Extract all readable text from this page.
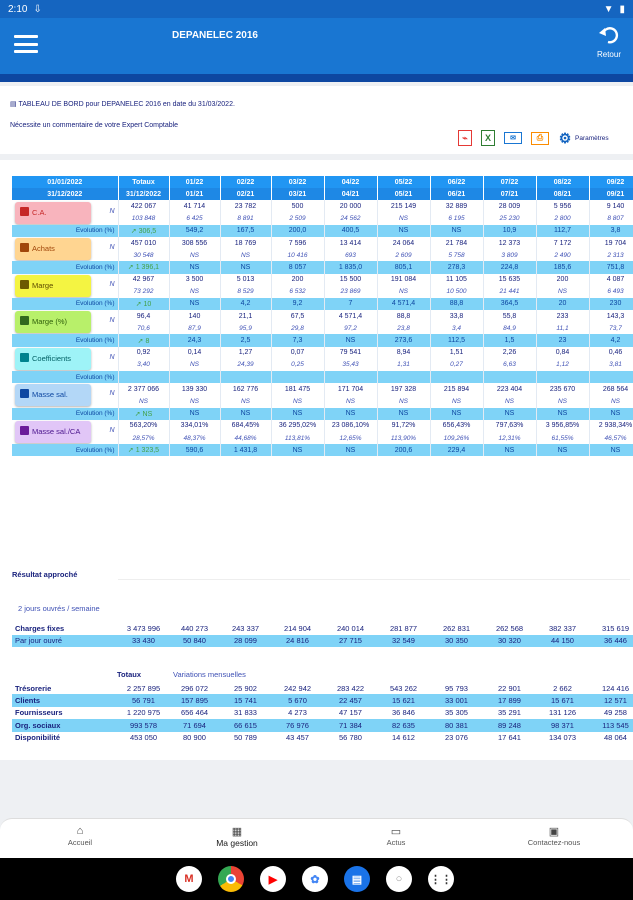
2:10 ⇩	▼ ▮
DEPANELEC 2016
Retour
▤ TABLEAU DE BORD pour DEPANELEC 2016 en date du 31/03/2022.
Nécessite un commentaire de votre Expert Comptable
⌁	X	✉	⎙	⚙ Paramètres
01/01/2022	Totaux	01/22	02/22	03/22	04/22	05/22	06/22	07/22	08/22	09/22
31/12/2022	31/12/2022	01/21	02/21	03/21	04/21	05/21	06/21	07/21	08/21	09/21
C.A. N	422 067	41 714	23 782	500	20 000	215 149	32 889	28 009	5 956	9 140
	103 848	6 425	8 891	2 509	24 562	NS	6 195	25 230	2 800	8 807
Evolution (%)	➚ 306,5	549,2	167,5	200,0	400,5	NS	NS	10,9	112,7	3,8
Achats N	457 010	308 556	18 769	7 596	13 414	24 064	21 784	12 373	7 172	19 704
	30 548	NS	NS	10 416	693	2 609	5 758	3 809	2 490	2 313
Evolution (%)	➚ 1 396,1	NS	NS	8 057	1 835,0	805,1	278,3	224,8	185,6	751,8
Marge N	42 967	3 500	5 013	200	15 500	191 084	11 105	15 635	200	4 087
	73 292	NS	8 529	6 532	23 869	NS	10 500	21 441	NS	6 493
Evolution (%)	➚ 10	NS	4,2	9,2	7	4 571,4	88,8	364,5	20	230
Marge (%) N	96,4	140	21,1	67,5	4 571,4	88,8	33,8	55,8	233	143,3
	70,6	87,9	95,9	29,8	97,2	23,8	3,4	84,9	11,1	73,7
Evolution (%)	➚ 8	24,3	2,5	7,3	NS	273,6	112,5	1,5	23	4,2
Coefficients N	0,92	0,14	1,27	0,07	79 541	8,94	1,51	2,26	0,84	0,46
	3,40	NS	24,39	0,25	35,43	1,31	0,27	6,63	1,12	3,81
Evolution (%)										
Masse sal. N	2 377 066	139 330	162 776	181 475	171 704	197 328	215 894	223 404	235 670	268 564
	NS	NS	NS	NS	NS	NS	NS	NS	NS	NS
Evolution (%)	➚ NS	NS	NS	NS	NS	NS	NS	NS	NS	NS
Masse sal./CA N	563,20%	334,01%	684,45%	36 295,02%	23 086,10%	91,72%	656,43%	797,63%	3 956,85%	2 938,34%
	28,57%	48,37%	44,68%	113,81%	12,65%	113,90%	109,26%	12,31%	61,55%	46,57%
Evolution (%)	➚ 1 323,5	590,6	1 431,8	NS	NS	200,6	229,4	NS	NS	NS
Résultat approché
2 jours ouvrés / semaine
Charges fixes	3 473 996	440 273	243 337	214 904	240 014	281 877	262 831	262 568	382 337	315 619
Par jour ouvré	33 430	50 840	28 099	24 816	27 715	32 549	30 350	30 320	44 150	36 446
Totaux	Variations mensuelles
Trésorerie	2 257 895	296 072	25 902	242 942	283 422	543 262	95 793	22 901	2 662	124 416
Clients	56 791	157 895	15 741	5 670	22 457	15 621	33 001	17 899	15 671	12 571
Fournisseurs	1 220 975	656 464	31 833	4 273	47 157	36 846	35 305	35 291	131 126	49 258
Org. sociaux	993 578	71 694	66 615	76 976	71 384	82 635	80 381	89 248	98 371	113 545
Disponibilité	453 050	80 900	50 789	43 457	56 780	14 612	23 076	17 641	134 073	48 064
⌂
Accueil
▦
Ma gestion
▭
Actus
▣
Contactez-nous
M	▶	✿	▤	○	⋮⋮
